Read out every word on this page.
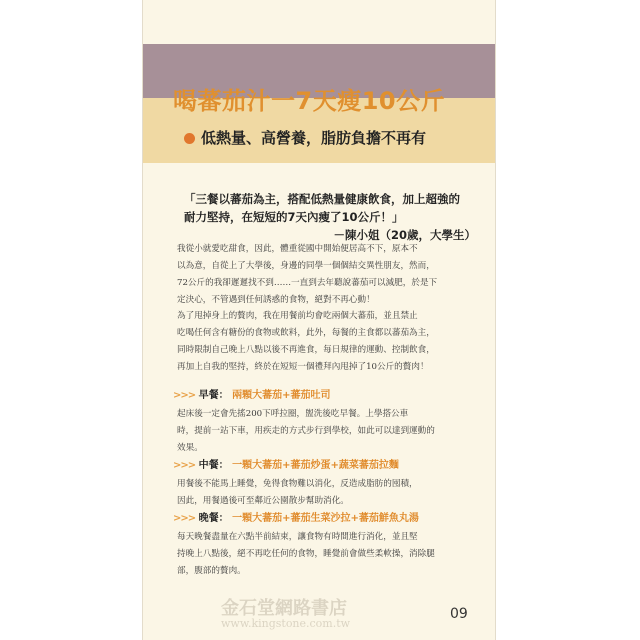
喝蕃茄汁一7天瘦10公斤
低熱量、高營養，脂肪負擔不再有

「三餐以蕃茄為主，搭配低熱量健康飲食，加上超強的

耐力堅持，在短短的7天內瘦了10公斤！」

－陳小姐（20歲，大學生）

我從小就愛吃甜食，因此，體重從國中開始便居高不下，原本不

以為意，自從上了大學後，身邊的同學一個個結交異性朋友，然而，

72公斤的我卻遲遲找不到……一直到去年聽說蕃茄可以減肥，於是下

定決心，不管遇到任何誘惑的食物，絕對不再心動！

為了甩掉身上的贅肉，我在用餐前均會吃兩個大蕃茄，並且禁止

吃喝任何含有糖份的食物或飲料，此外，每餐的主食都以蕃茄為主，

同時限制自己晚上八點以後不再進食，每日規律的運動、控制飲食，

再加上自我的堅持，終於在短短一個禮拜內甩掉了10公斤的贅肉！

>>> 早餐： 兩顆大蕃茄+蕃茄吐司

起床後一定會先搖200下呼拉圈，盥洗後吃早餐。上學搭公車

時，提前一站下車，用疾走的方式步行到學校，如此可以達到運動的

效果。

>>> 中餐： 一顆大蕃茄+蕃茄炒蛋+蔬菜蕃茄拉麵

用餐後不能馬上睡覺，免得食物難以消化，反造成脂肪的囤積，

因此，用餐過後可至鄰近公園散步幫助消化。

>>> 晚餐： 一顆大蕃茄+蕃茄生菜沙拉+蕃茄鮮魚丸湯

每天晚餐盡量在六點半前結束，讓食物有時間進行消化，並且堅

持晚上八點後，絕不再吃任何的食物，睡覺前會做些柔軟操，消除腿

部，腹部的贅肉。

金石堂網路書店
www.kingstone.com.tw
09
